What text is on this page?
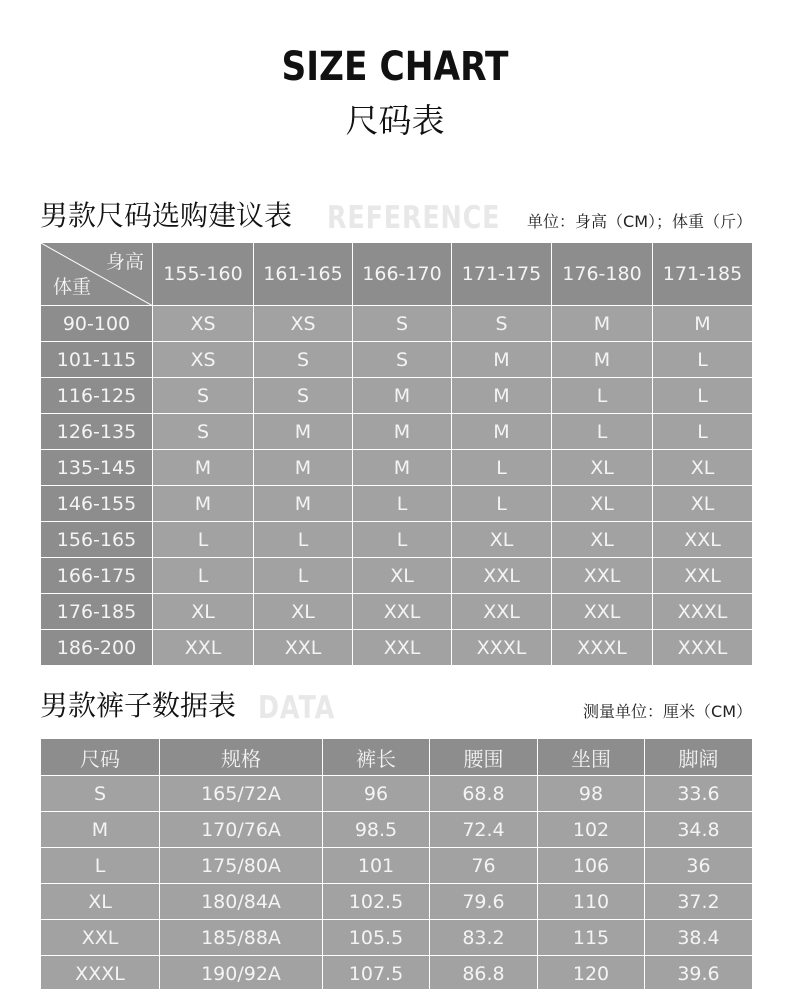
SIZE CHART
尺码表
男款尺码选购建议表 REFERENCE 单位：身高（CM）；体重（斤）
身高
体重	155-160	161-165	166-170	171-175	176-180	171-185
90-100	XS	XS	S	S	M	M
101-115	XS	S	S	M	M	L
116-125	S	S	M	M	L	L
126-135	S	M	M	M	L	L
135-145	M	M	M	L	XL	XL
146-155	M	M	L	L	XL	XL
156-165	L	L	L	XL	XL	XXL
166-175	L	L	XL	XXL	XXL	XXL
176-185	XL	XL	XXL	XXL	XXL	XXXL
186-200	XXL	XXL	XXL	XXXL	XXXL	XXXL
男款裤子数据表 DATA	测量单位：厘米（CM）
尺码	规格	裤长	腰围	坐围	脚阔
S	165/72A	96	68.8	98	33.6
M	170/76A	98.5	72.4	102	34.8
L	175/80A	101	76	106	36
XL	180/84A	102.5	79.6	110	37.2
XXL	185/88A	105.5	83.2	115	38.4
XXXL	190/92A	107.5	86.8	120	39.6
